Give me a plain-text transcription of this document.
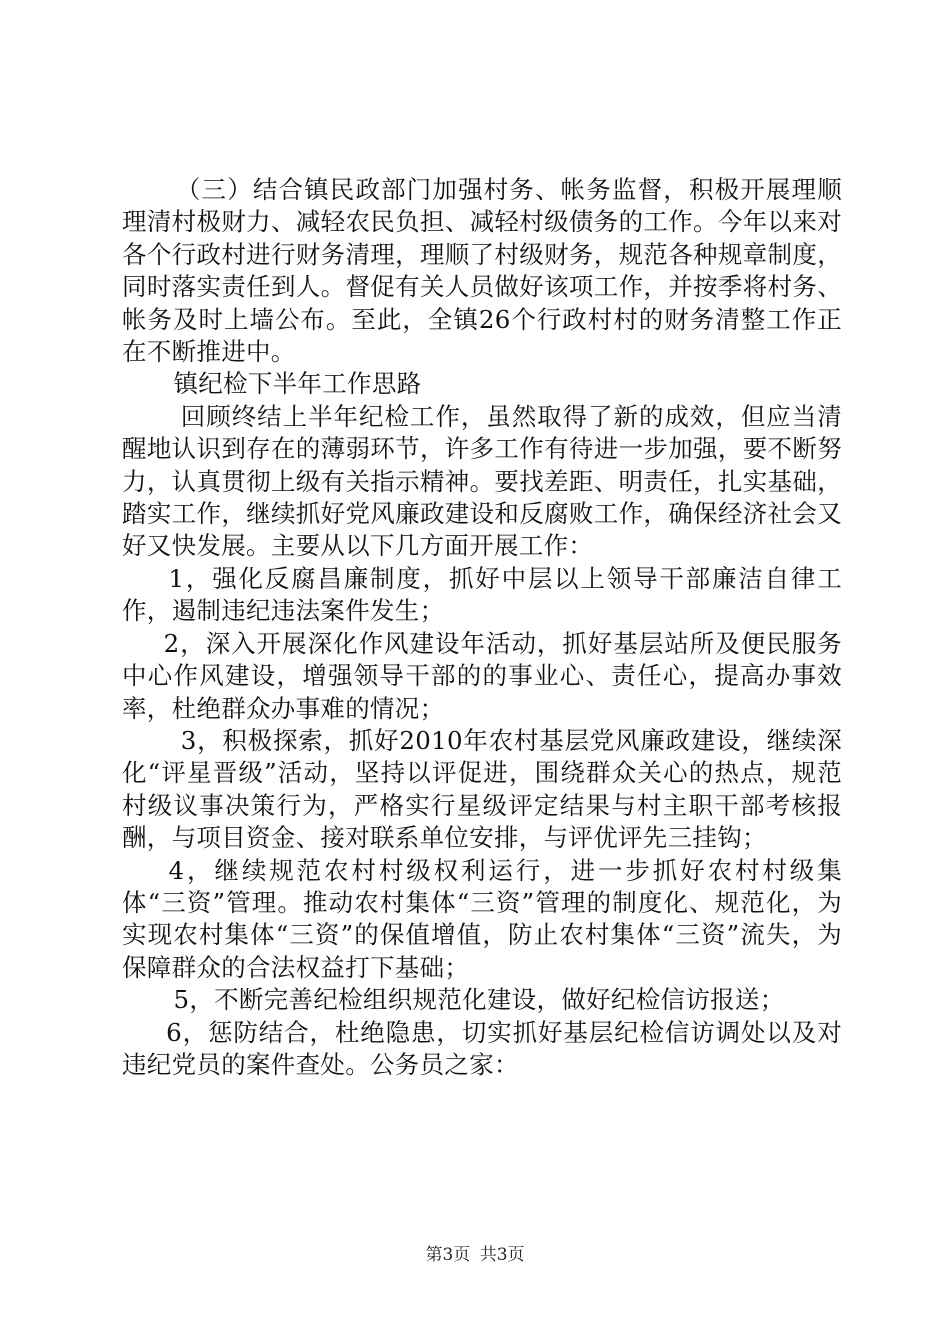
（三）结合镇民政部门加强村务、帐务监督，积极开展理顺理清村极财力、减轻农民负担、减轻村级债务的工作。今年以来对各个行政村进行财务清理，理顺了村级财务，规范各种规章制度，同时落实责任到人。督促有关人员做好该项工作，并按季将村务、帐务及时上墙公布。至此，全镇26个行政村村的财务清整工作正在不断推进中。

镇纪检下半年工作思路

回顾终结上半年纪检工作，虽然取得了新的成效，但应当清醒地认识到存在的薄弱环节，许多工作有待进一步加强，要不断努力，认真贯彻上级有关指示精神。要找差距、明责任，扎实基础，踏实工作，继续抓好党风廉政建设和反腐败工作，确保经济社会又好又快发展。主要从以下几方面开展工作：

1，强化反腐昌廉制度，抓好中层以上领导干部廉洁自律工作，遏制违纪违法案件发生；

2，深入开展深化作风建设年活动，抓好基层站所及便民服务中心作风建设，增强领导干部的的事业心、责任心，提高办事效率，杜绝群众办事难的情况；

3，积极探索，抓好2010年农村基层党风廉政建设，继续深化“评星晋级”活动，坚持以评促进，围绕群众关心的热点，规范村级议事决策行为，严格实行星级评定结果与村主职干部考核报酬，与项目资金、接对联系单位安排，与评优评先三挂钩；

4，继续规范农村村级权利运行，进一步抓好农村村级集体“三资”管理。推动农村集体“三资”管理的制度化、规范化，为实现农村集体“三资”的保值增值，防止农村集体“三资”流失，为保障群众的合法权益打下基础；

5，不断完善纪检组织规范化建设，做好纪检信访报送；

6，惩防结合，杜绝隐患，切实抓好基层纪检信访调处以及对违纪党员的案件查处。公务员之家：

第3页 共3页
